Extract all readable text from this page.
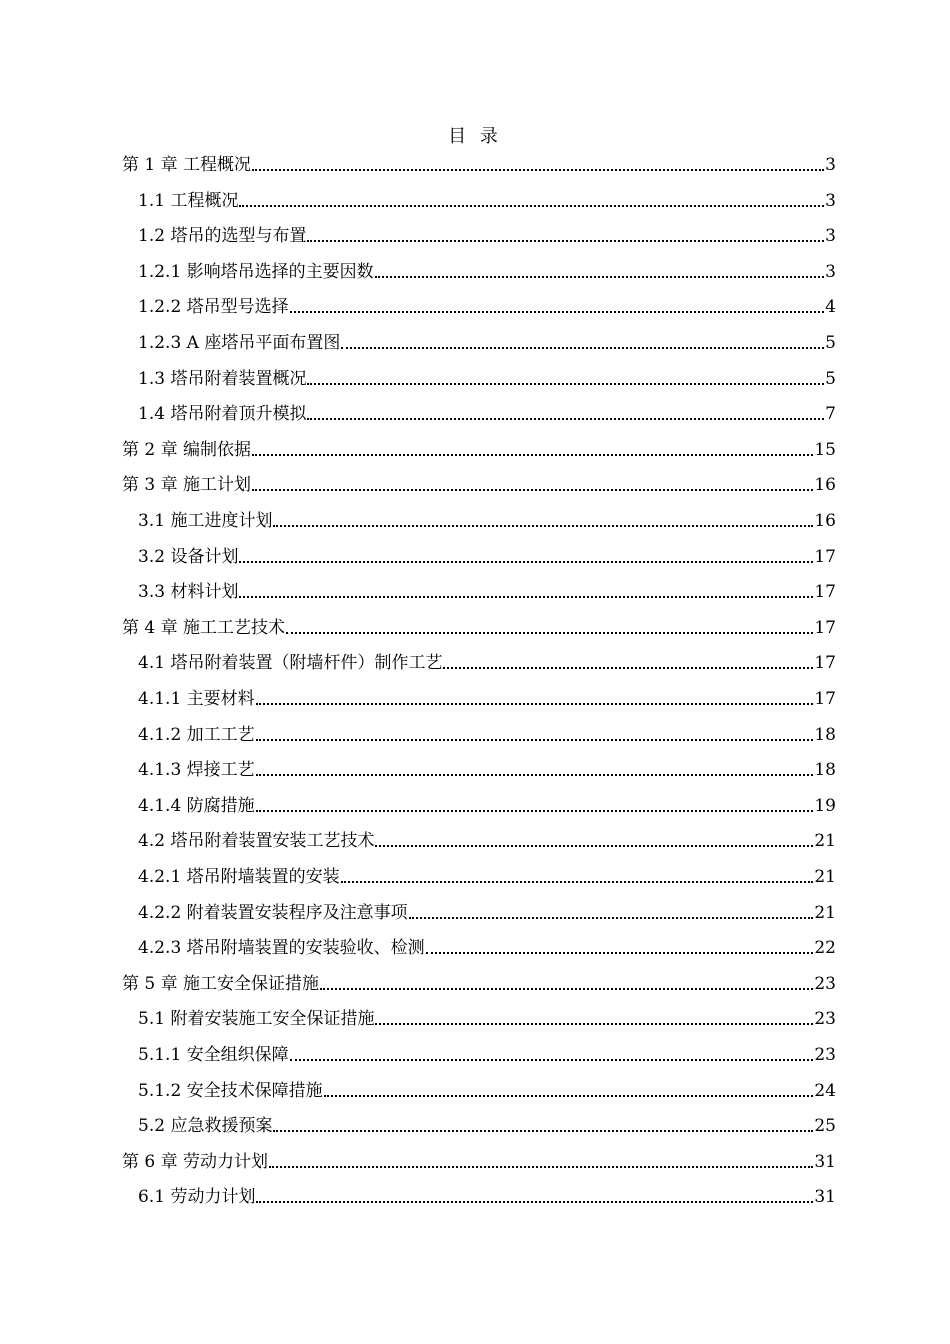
目 录
第 1 章 工程概况	3
1.1 工程概况	3
1.2 塔吊的选型与布置	3
1.2.1 影响塔吊选择的主要因数	3
1.2.2 塔吊型号选择	4
1.2.3 A 座塔吊平面布置图	5
1.3 塔吊附着装置概况	5
1.4 塔吊附着顶升模拟	7
第 2 章 编制依据	15
第 3 章 施工计划	16
3.1 施工进度计划	16
3.2 设备计划	17
3.3 材料计划	17
第 4 章 施工工艺技术	17
4.1 塔吊附着装置（附墙杆件）制作工艺	17
4.1.1 主要材料	17
4.1.2 加工工艺	18
4.1.3 焊接工艺	18
4.1.4 防腐措施	19
4.2 塔吊附着装置安装工艺技术	21
4.2.1 塔吊附墙装置的安装	21
4.2.2 附着装置安装程序及注意事项	21
4.2.3 塔吊附墙装置的安装验收、检测	22
第 5 章 施工安全保证措施	23
5.1 附着安装施工安全保证措施	23
5.1.1 安全组织保障	23
5.1.2 安全技术保障措施	24
5.2 应急救援预案	25
第 6 章 劳动力计划	31
6.1 劳动力计划	31
